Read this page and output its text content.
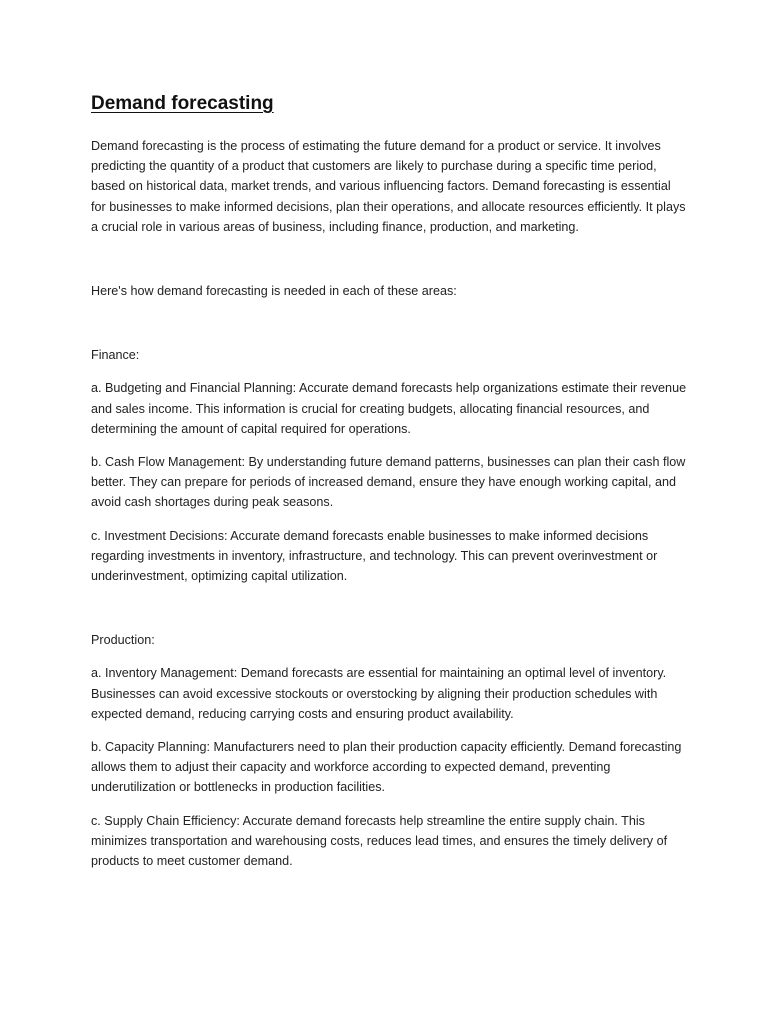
Demand forecasting

Demand forecasting is the process of estimating the future demand for a product or service. It involves predicting the quantity of a product that customers are likely to purchase during a specific time period, based on historical data, market trends, and various influencing factors. Demand forecasting is essential for businesses to make informed decisions, plan their operations, and allocate resources efficiently. It plays a crucial role in various areas of business, including finance, production, and marketing.

Here's how demand forecasting is needed in each of these areas:

Finance:

a. Budgeting and Financial Planning: Accurate demand forecasts help organizations estimate their revenue and sales income. This information is crucial for creating budgets, allocating financial resources, and determining the amount of capital required for operations.

b. Cash Flow Management: By understanding future demand patterns, businesses can plan their cash flow better. They can prepare for periods of increased demand, ensure they have enough working capital, and avoid cash shortages during peak seasons.

c. Investment Decisions: Accurate demand forecasts enable businesses to make informed decisions regarding investments in inventory, infrastructure, and technology. This can prevent overinvestment or underinvestment, optimizing capital utilization.

Production:

a. Inventory Management: Demand forecasts are essential for maintaining an optimal level of inventory. Businesses can avoid excessive stockouts or overstocking by aligning their production schedules with expected demand, reducing carrying costs and ensuring product availability.

b. Capacity Planning: Manufacturers need to plan their production capacity efficiently. Demand forecasting allows them to adjust their capacity and workforce according to expected demand, preventing underutilization or bottlenecks in production facilities.

c. Supply Chain Efficiency: Accurate demand forecasts help streamline the entire supply chain. This minimizes transportation and warehousing costs, reduces lead times, and ensures the timely delivery of products to meet customer demand.
